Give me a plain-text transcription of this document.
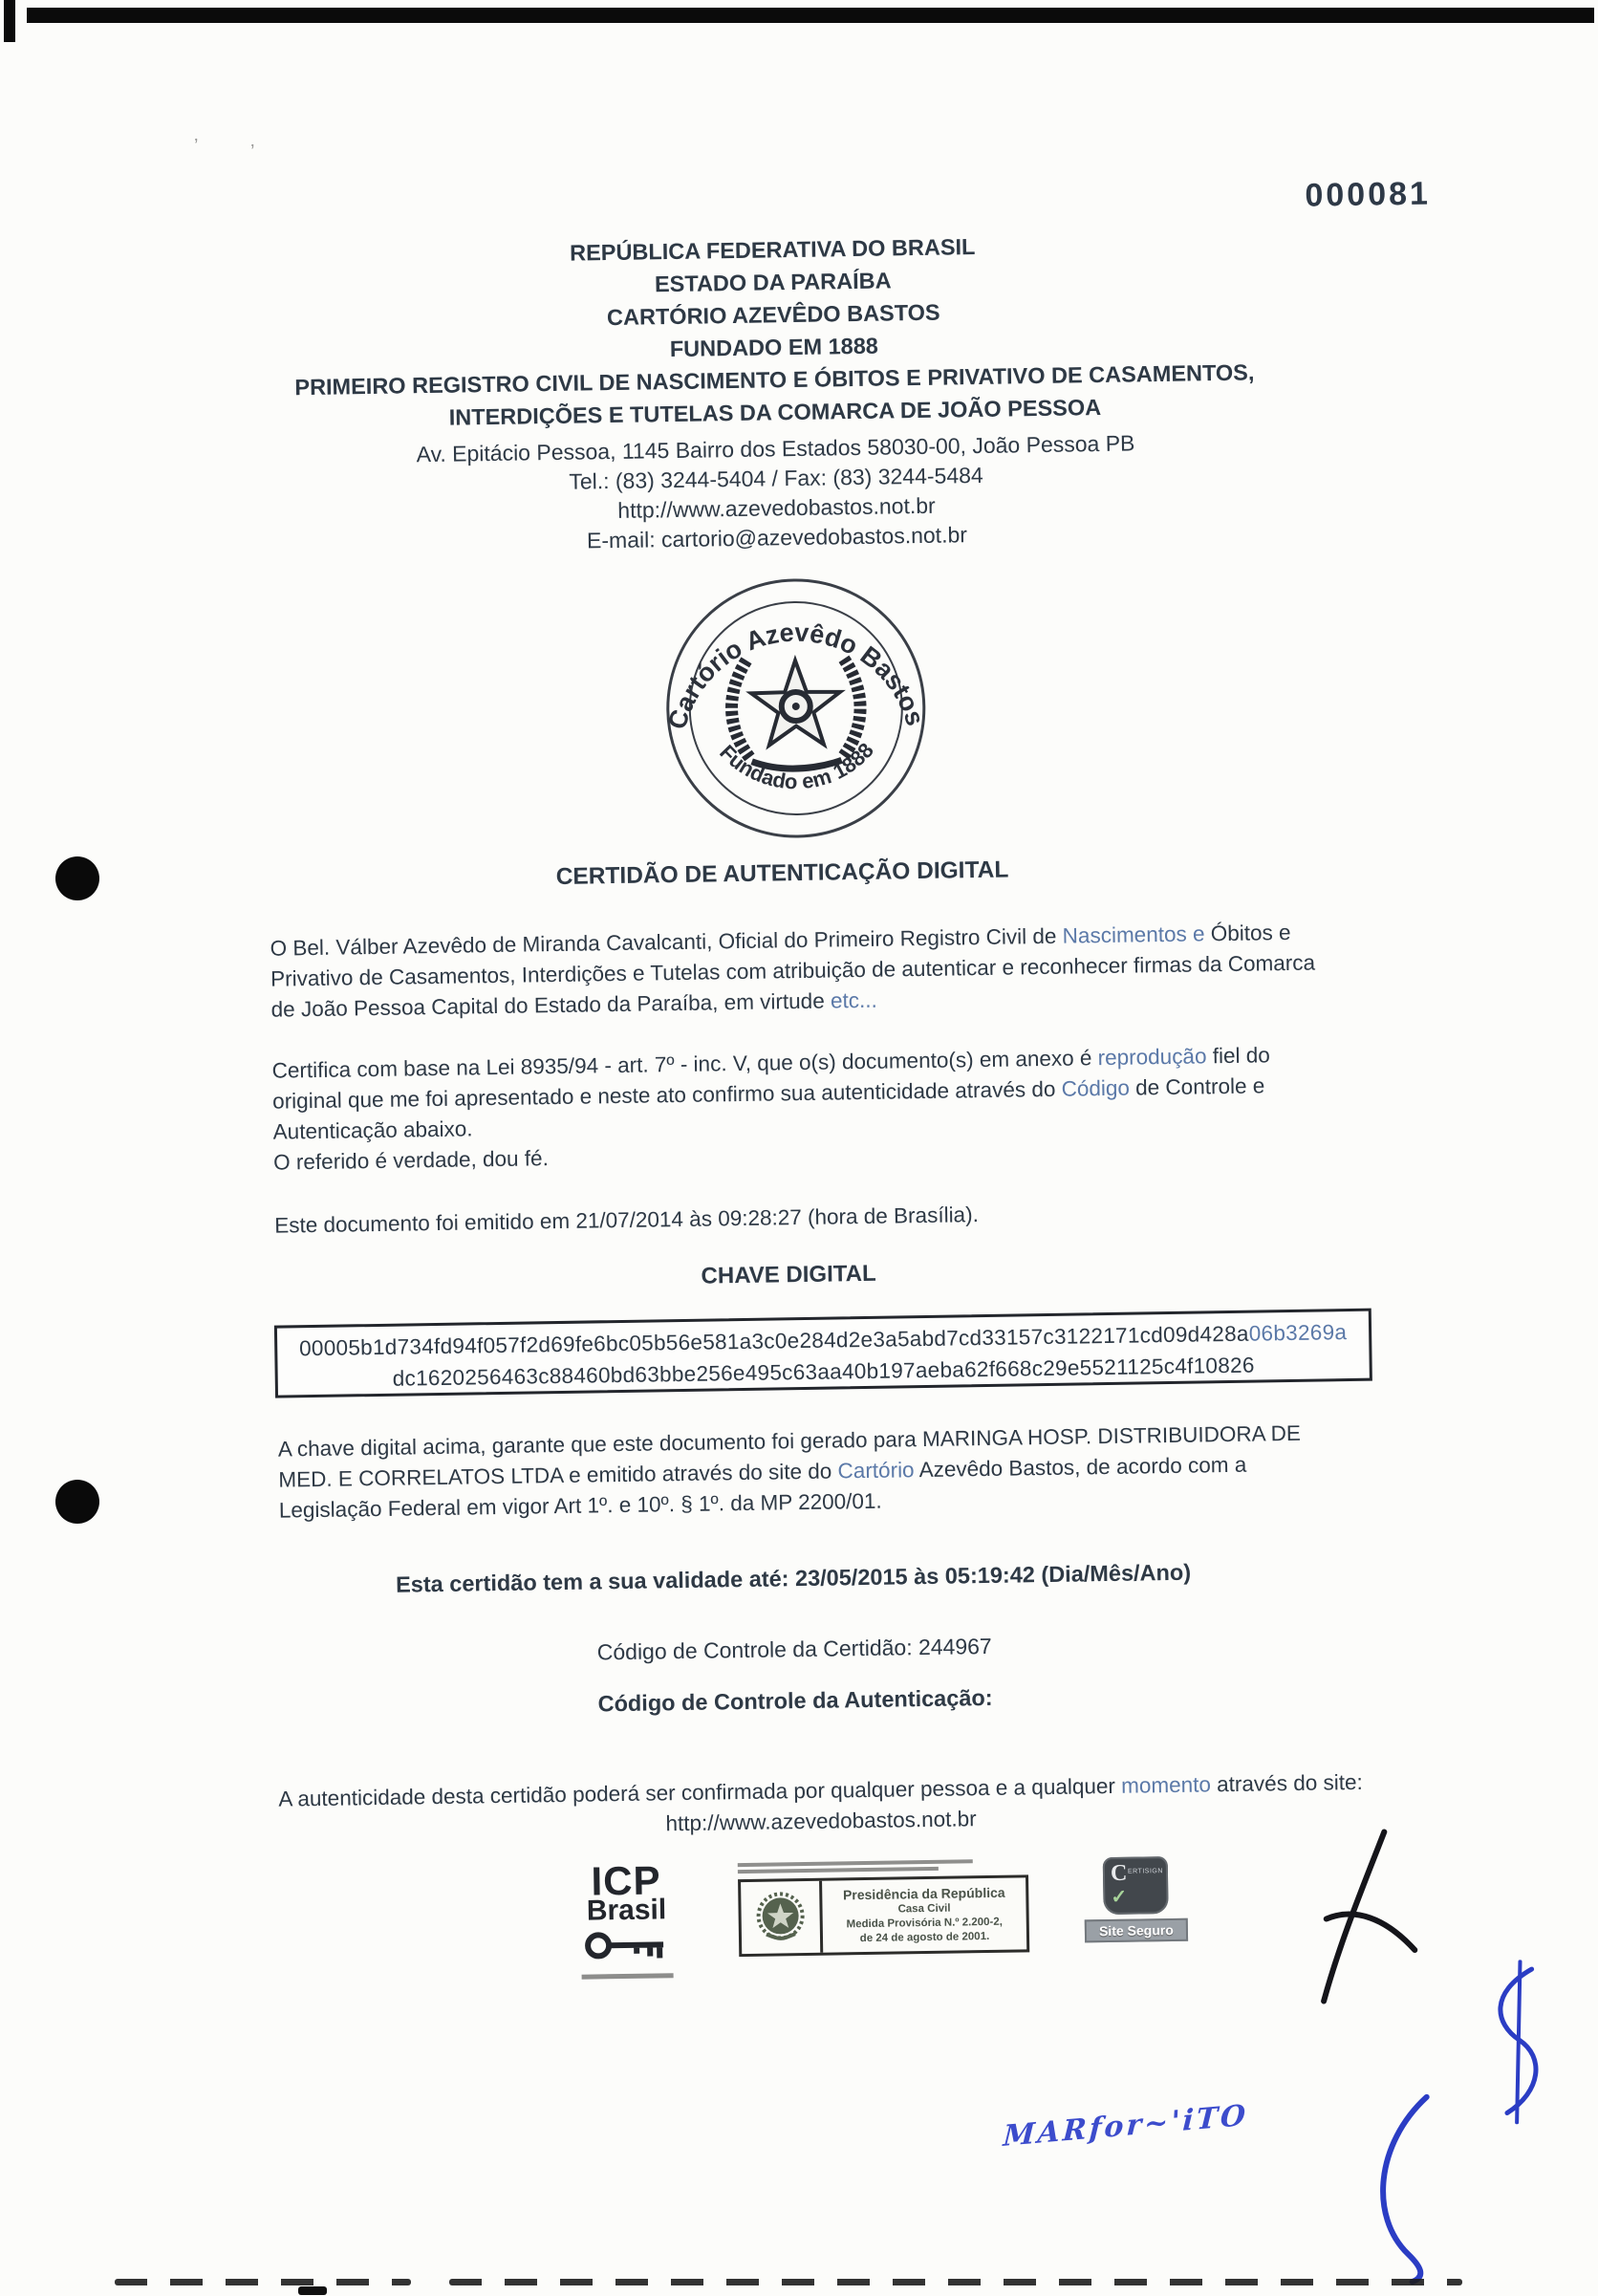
’	’
000081
REPÚBLICA FEDERATIVA DO BRASIL
ESTADO DA PARAÍBA
CARTÓRIO AZEVÊDO BASTOS
FUNDADO EM 1888
PRIMEIRO REGISTRO CIVIL DE NASCIMENTO E ÓBITOS E PRIVATIVO DE CASAMENTOS,
INTERDIÇÕES E TUTELAS DA COMARCA DE JOÃO PESSOA
Av. Epitácio Pessoa, 1145 Bairro dos Estados 58030-00, João Pessoa PB
Tel.: (83) 3244-5404 / Fax: (83) 3244-5484
http://www.azevedobastos.not.br
E-mail: cartorio@azevedobastos.not.br
Cartório Azevêdo Bastos
Fundado em 1888
CERTIDÃO DE AUTENTICAÇÃO DIGITAL

O Bel. Válber Azevêdo de Miranda Cavalcanti, Oficial do Primeiro Registro Civil de Nascimentos e Óbitos e Privativo de Casamentos, Interdições e Tutelas com atribuição de autenticar e reconhecer firmas da Comarca de João Pessoa Capital do Estado da Paraíba, em virtude etc...

Certifica com base na Lei 8935/94 - art. 7º - inc. V, que o(s) documento(s) em anexo é reprodução fiel do original que me foi apresentado e neste ato confirmo sua autenticidade através do Código de Controle e Autenticação abaixo.
O referido é verdade, dou fé.

Este documento foi emitido em 21/07/2014 às 09:28:27 (hora de Brasília).

CHAVE DIGITAL
00005b1d734fd94f057f2d69fe6bc05b56e581a3c0e284d2e3a5abd7cd33157c3122171cd09d428a06b3269a
dc1620256463c88460bd63bbe256e495c63aa40b197aeba62f668c29e5521125c4f10826

A chave digital acima, garante que este documento foi gerado para MARINGA HOSP. DISTRIBUIDORA DE MED. E CORRELATOS LTDA e emitido através do site do Cartório Azevêdo Bastos, de acordo com a Legislação Federal em vigor Art 1º. e 10º. § 1º. da MP 2200/01.

Esta certidão tem a sua validade até: 23/05/2015 às 05:19:42 (Dia/Mês/Ano)
Código de Controle da Certidão: 244967
Código de Controle da Autenticação:

A autenticidade desta certidão poderá ser confirmada por qualquer pessoa e a qualquer momento através do site: http://www.azevedobastos.not.br

ICP
Brasil
Presidência da República
Casa Civil
Medida Provisória N.º 2.200-2,
de 24 de agosto de 2001.
C ERTISIGN
✓
Site Seguro
MARfor~'iTO
